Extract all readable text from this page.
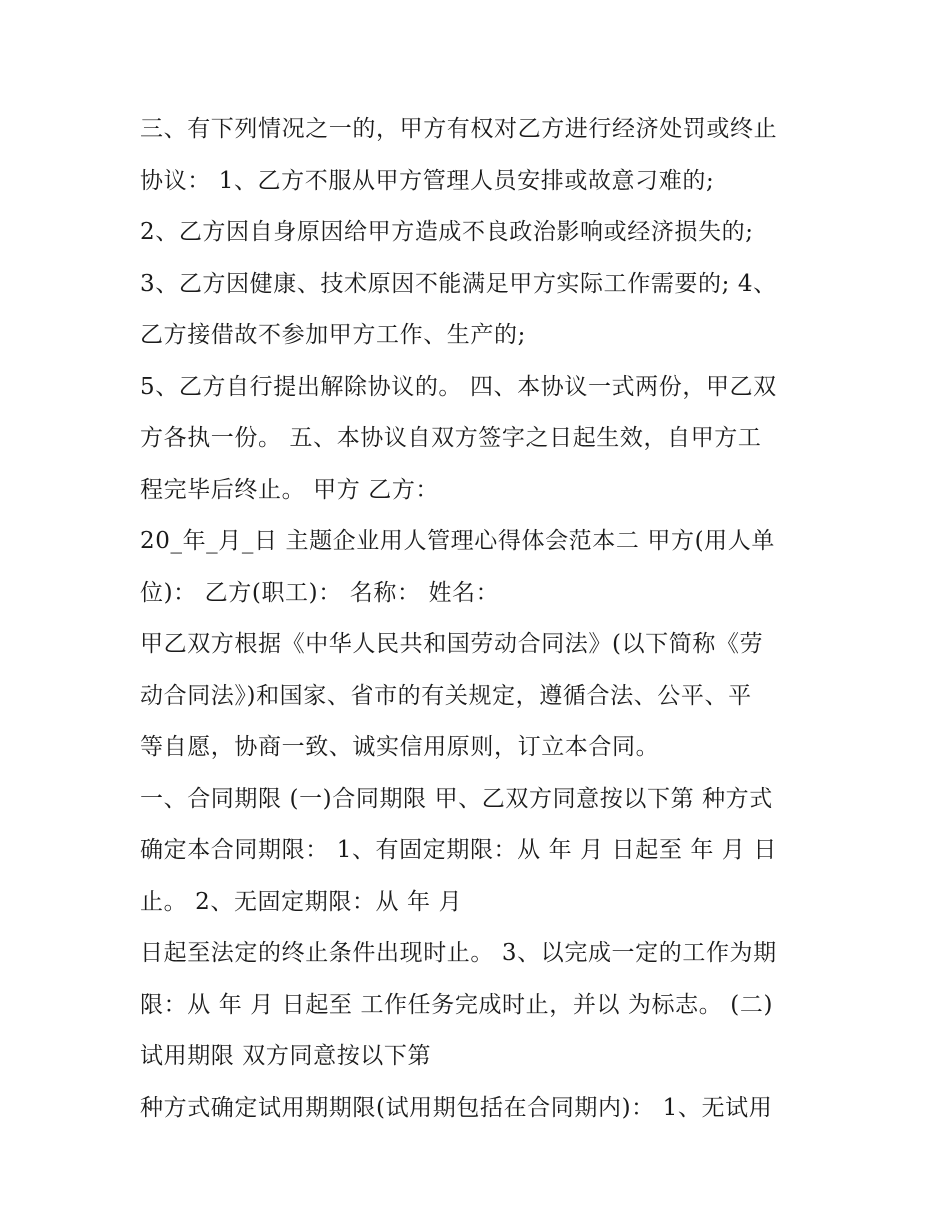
三、有下列情况之一的，甲方有权对乙方进行经济处罚或终止
协议： 1、乙方不服从甲方管理人员安排或故意刁难的;
2、乙方因自身原因给甲方造成不良政治影响或经济损失的;
3、乙方因健康、技术原因不能满足甲方实际工作需要的; 4、
乙方接借故不参加甲方工作、生产的;
5、乙方自行提出解除协议的。 四、本协议一式两份，甲乙双
方各执一份。 五、本协议自双方签字之日起生效，自甲方工
程完毕后终止。 甲方 乙方：
20_年_月_日 主题企业用人管理心得体会范本二 甲方(用人单
位)： 乙方(职工)： 名称： 姓名：
甲乙双方根据《中华人民共和国劳动合同法》(以下简称《劳
动合同法》)和国家、省市的有关规定，遵循合法、公平、平
等自愿，协商一致、诚实信用原则，订立本合同。
一、合同期限 (一)合同期限 甲、乙双方同意按以下第 种方式
确定本合同期限： 1、有固定期限：从 年 月 日起至 年 月 日
止。 2、无固定期限：从 年 月
日起至法定的终止条件出现时止。 3、以完成一定的工作为期
限：从 年 月 日起至 工作任务完成时止，并以 为标志。 (二)
试用期限 双方同意按以下第
种方式确定试用期期限(试用期包括在合同期内)： 1、无试用
